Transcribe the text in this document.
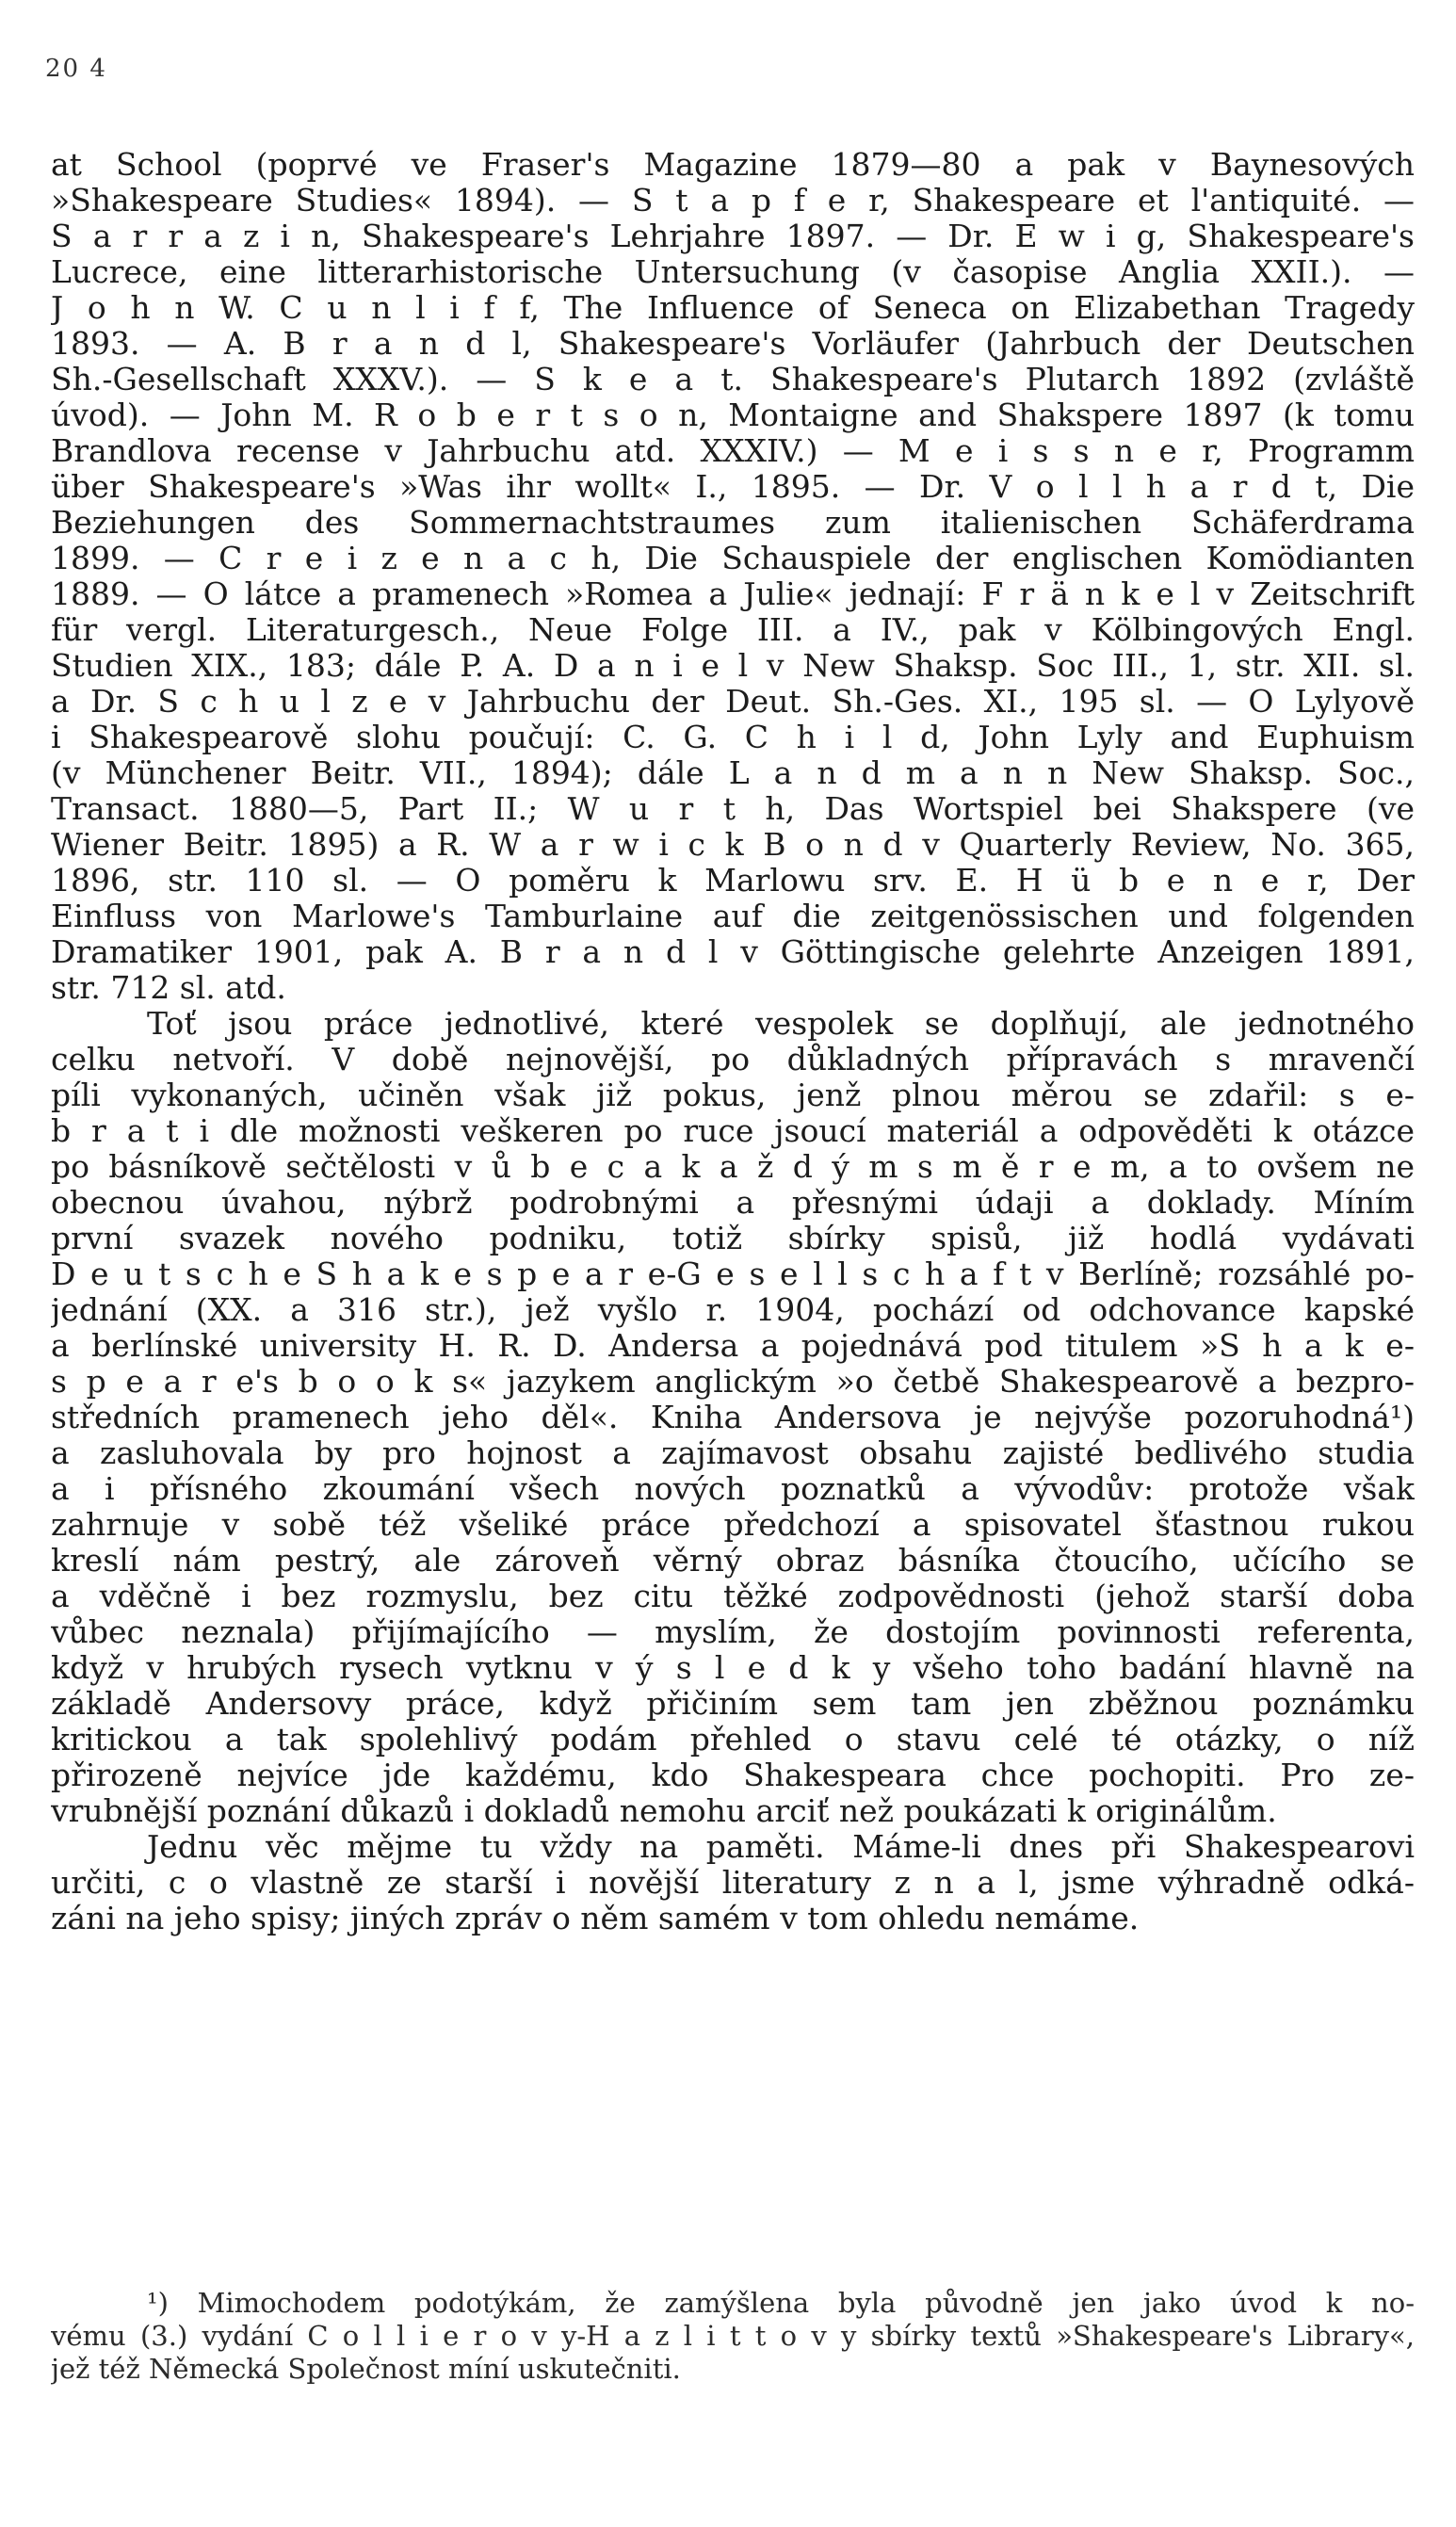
20 4
at School (poprvé ve Fraser's Magazine 1879—80 a pak v Baynesových
»Shakespeare Studies« 1894). — S t a p f e r, Shakespeare et l'antiquité. —
S a r r a z i n, Shakespeare's Lehrjahre 1897. — Dr. E w i g, Shakespeare's
Lucrece, eine litterarhistorische Untersuchung (v časopise Anglia XXII.). —
J o h n W. C u n l i f f, The Influence of Seneca on Elizabethan Tragedy
1893. — A. B r a n d l, Shakespeare's Vorläufer (Jahrbuch der Deutschen
Sh.-Gesellschaft XXXV.). — S k e a t. Shakespeare's Plutarch 1892 (zvláště
úvod). — John M. R o b e r t s o n, Montaigne and Shakspere 1897 (k tomu
Brandlova recense v Jahrbuchu atd. XXXIV.) — M e i s s n e r, Programm
über Shakespeare's »Was ihr wollt« I., 1895. — Dr. V o l l h a r d t, Die
Beziehungen des Sommernachtstraumes zum italienischen Schäferdrama
1899. — C r e i z e n a c h, Die Schauspiele der englischen Komödianten
1889. — O látce a pramenech »Romea a Julie« jednají: F r ä n k e l v Zeitschrift
für vergl. Literaturgesch., Neue Folge III. a IV., pak v Kölbingových Engl.
Studien XIX., 183; dále P. A. D a n i e l v New Shaksp. Soc III., 1, str. XII. sl.
a Dr. S c h u l z e v Jahrbuchu der Deut. Sh.-Ges. XI., 195 sl. — O Lylyově
i Shakespearově slohu poučují: C. G. C h i l d, John Lyly and Euphuism
(v Münchener Beitr. VII., 1894); dále L a n d m a n n New Shaksp. Soc.,
Transact. 1880—5, Part II.; W u r t h, Das Wortspiel bei Shakspere (ve
Wiener Beitr. 1895) a R. W a r w i c k B o n d v Quarterly Review, No. 365,
1896, str. 110 sl. — O poměru k Marlowu srv. E. H ü b e n e r, Der
Einfluss von Marlowe's Tamburlaine auf die zeitgenössischen und folgenden
Dramatiker 1901, pak A. B r a n d l v Göttingische gelehrte Anzeigen 1891,
str. 712 sl. atd.
Toť jsou práce jednotlivé, které vespolek se doplňují, ale jednotného
celku netvoří. V době nejnovější, po důkladných přípravách s mravenčí
píli vykonaných, učiněn však již pokus, jenž plnou měrou se zdařil: s e-
b r a t i dle možnosti veškeren po ruce jsoucí materiál a odpověděti k otázce
po básníkově sečtělosti v ů b e c a k a ž d ý m s m ě r e m, a to ovšem ne
obecnou úvahou, nýbrž podrobnými a přesnými údaji a doklady. Míním
první svazek nového podniku, totiž sbírky spisů, již hodlá vydávati
D e u t s c h e S h a k e s p e a r e-G e s e l l s c h a f t v Berlíně; rozsáhlé po-
jednání (XX. a 316 str.), jež vyšlo r. 1904, pochází od odchovance kapské
a berlínské university H. R. D. Andersa a pojednává pod titulem »S h a k e-
s p e a r e's b o o k s« jazykem anglickým »o četbě Shakespearově a bezpro-
středních pramenech jeho děl«. Kniha Andersova je nejvýše pozoruhodná¹)
a zasluhovala by pro hojnost a zajímavost obsahu zajisté bedlivého studia
a i přísného zkoumání všech nových poznatků a vývodův: protože však
zahrnuje v sobě též všeliké práce předchozí a spisovatel šťastnou rukou
kreslí nám pestrý, ale zároveň věrný obraz básníka čtoucího, učícího se
a vděčně i bez rozmyslu, bez citu těžké zodpovědnosti (jehož starší doba
vůbec neznala) přijímajícího — myslím, že dostojím povinnosti referenta,
když v hrubých rysech vytknu v ý s l e d k y všeho toho badání hlavně na
základě Andersovy práce, když přičiním sem tam jen zběžnou poznámku
kritickou a tak spolehlivý podám přehled o stavu celé té otázky, o níž
přirozeně nejvíce jde každému, kdo Shakespeara chce pochopiti. Pro ze-
vrubnější poznání důkazů i dokladů nemohu arciť než poukázati k originálům.
Jednu věc mějme tu vždy na paměti. Máme-li dnes při Shakespearovi
určiti, c o vlastně ze starší i novější literatury z n a l, jsme výhradně odká-
záni na jeho spisy; jiných zpráv o něm samém v tom ohledu nemáme.
¹) Mimochodem podotýkám, že zamýšlena byla původně jen jako úvod k no-
vému (3.) vydání C o l l i e r o v y-H a z l i t t o v y sbírky textů »Shakespeare's Library«,
jež též Německá Společnost míní uskutečniti.
